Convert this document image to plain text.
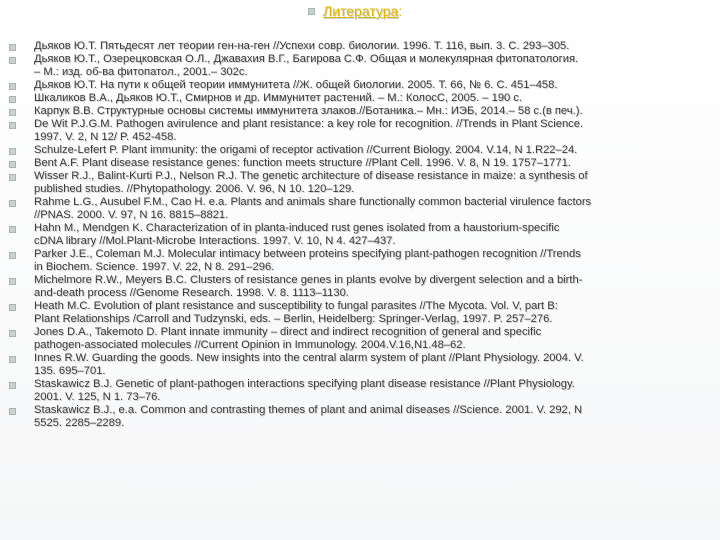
Литература:
Дьяков Ю.Т. Пятьдесят лет теории ген-на-ген //Успехи совр. биологии. 1996. Т. 116, вып. 3. С. 293–305.
Дьяков Ю.Т., Озерецковская О.Л., Джавахия В.Г., Багирова С.Ф. Общая и молекулярная фитопатология.
– М.: изд. об-ва фитопатол., 2001.– 302с.
Дьяков Ю.Т. На пути к общей теории иммунитета //Ж. общей биологии. 2005. Т. 66, № 6. С. 451–458.
Шкаликов В.А., Дьяков Ю.Т., Смирнов и др. Иммунитет растений. – М.: КолосС, 2005. – 190 с.
Карпук В.В. Структурные основы системы иммунитета злаков.//Ботаника.– Мн.: ИЭБ, 2014.– 58 с.(в печ.).
De Wit P.J.G.M. Pathogen avirulence and plant resistance: a key role for recognition. //Trends in Plant Science.
1997. V. 2, N 12/ P. 452-458.
Schulze-Lefert P. Plant immunity: the origami of receptor activation //Current Biology. 2004. V.14, N 1.R22–24.
Bent A.F. Plant disease resistance genes: function meets structure //Plant Cell. 1996. V. 8, N 19. 1757–1771.
Wisser R.J., Balint-Kurti P.J., Nelson R.J. The genetic architecture of disease resistance in maize: a synthesis of
published studies. //Phytopathology. 2006. V. 96, N 10. 120–129.
Rahme L.G., Ausubel F.M., Cao H. e.a. Plants and animals share functionally common bacterial virulence factors
//PNAS. 2000. V. 97, N 16. 8815–8821.
Hahn M., Mendgen K. Characterization of in planta-induced rust genes isolated from a haustorium-specific
cDNA library //Mol.Plant-Microbe Interactions. 1997. V. 10, N 4. 427–437.
Parker J.E., Coleman M.J. Molecular intimacy between proteins specifying plant-pathogen recognition //Trends
in Biochem. Science. 1997. V. 22, N 8. 291–296.
Michelmore R.W., Meyers B.C. Clusters of resistance genes in plants evolve by divergent selection and a birth-
and-death process //Genome Research. 1998. V. 8. 1113–1130.
Heath M.C. Evolution of plant resistance and susceptibility to fungal parasites //The Mycota. Vol. V, part B:
Plant Relationships /Carroll and Tudzynski, eds. – Berlin, Heidelberg: Springer-Verlag, 1997. P. 257–276.
Jones D.A., Takemoto D. Plant innate immunity – direct and indirect recognition of general and specific
pathogen-associated molecules //Current Opinion in Immunology. 2004.V.16,N1.48–62.
Innes R.W. Guarding the goods. New insights into the central alarm system of plant //Plant Physiology. 2004. V.
135. 695–701.
Staskawicz B.J. Genetic of plant-pathogen interactions specifying plant disease resistance //Plant Physiology.
2001. V. 125, N 1. 73–76.
Staskawicz B.J., e.a. Common and contrasting themes of plant and animal diseases //Science. 2001. V. 292, N
5525. 2285–2289.
